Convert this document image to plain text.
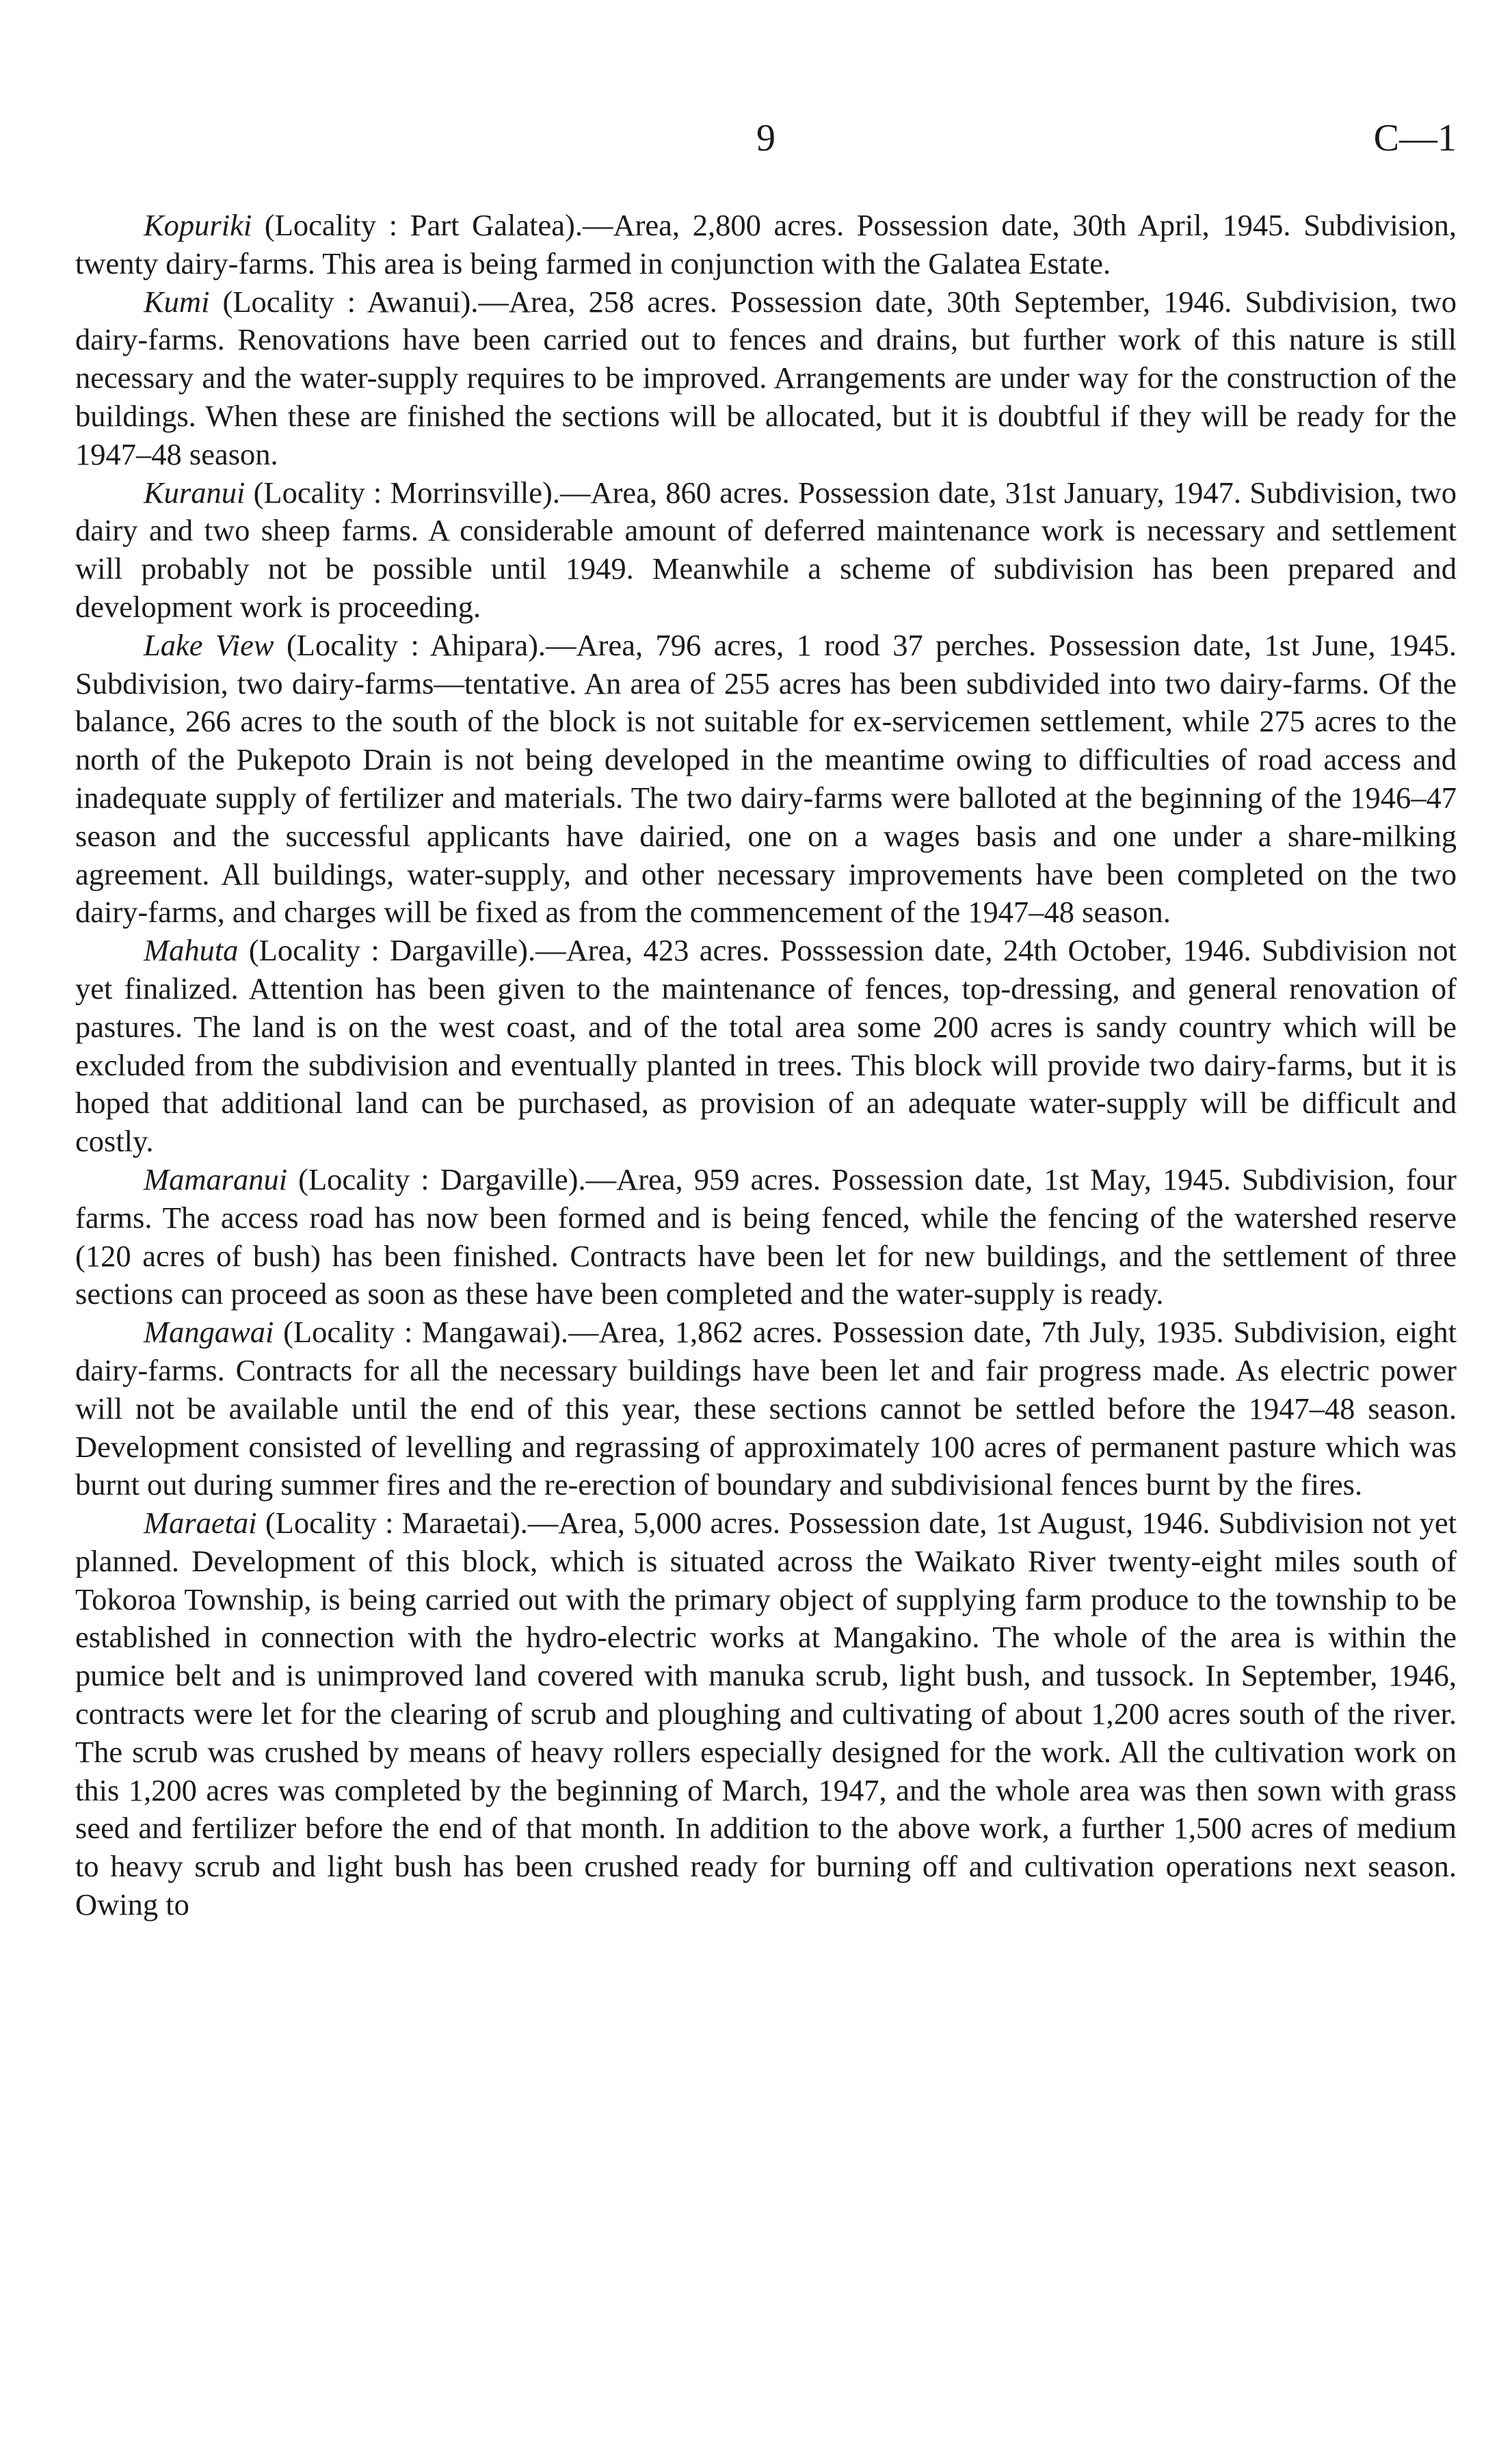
9	C—1

Kopuriki (Locality : Part Galatea).—Area, 2,800 acres. Possession date, 30th April, 1945. Subdivision, twenty dairy-farms. This area is being farmed in conjunction with the Galatea Estate.

Kumi (Locality : Awanui).—Area, 258 acres. Possession date, 30th September, 1946. Subdivision, two dairy-farms. Renovations have been carried out to fences and drains, but further work of this nature is still necessary and the water-supply requires to be improved. Arrangements are under way for the construction of the buildings. When these are finished the sections will be allocated, but it is doubtful if they will be ready for the 1947–48 season.

Kuranui (Locality : Morrinsville).—Area, 860 acres. Possession date, 31st January, 1947. Subdivision, two dairy and two sheep farms. A considerable amount of deferred maintenance work is necessary and settlement will probably not be possible until 1949. Meanwhile a scheme of subdivision has been prepared and development work is proceeding.

Lake View (Locality : Ahipara).—Area, 796 acres, 1 rood 37 perches. Possession date, 1st June, 1945. Subdivision, two dairy-farms—tentative. An area of 255 acres has been subdivided into two dairy-farms. Of the balance, 266 acres to the south of the block is not suitable for ex-servicemen settlement, while 275 acres to the north of the Pukepoto Drain is not being developed in the meantime owing to difficulties of road access and inadequate supply of fertilizer and materials. The two dairy-farms were balloted at the beginning of the 1946–47 season and the successful applicants have dairied, one on a wages basis and one under a share-milking agreement. All buildings, water-supply, and other necessary improvements have been completed on the two dairy-farms, and charges will be fixed as from the commencement of the 1947–48 season.

Mahuta (Locality : Dargaville).—Area, 423 acres. Posssession date, 24th October, 1946. Subdivision not yet finalized. Attention has been given to the maintenance of fences, top-dressing, and general renovation of pastures. The land is on the west coast, and of the total area some 200 acres is sandy country which will be excluded from the subdivision and eventually planted in trees. This block will provide two dairy-farms, but it is hoped that additional land can be purchased, as provision of an adequate water-supply will be difficult and costly.

Mamaranui (Locality : Dargaville).—Area, 959 acres. Possession date, 1st May, 1945. Subdivision, four farms. The access road has now been formed and is being fenced, while the fencing of the watershed reserve (120 acres of bush) has been finished. Contracts have been let for new buildings, and the settlement of three sections can proceed as soon as these have been completed and the water-supply is ready.

Mangawai (Locality : Mangawai).—Area, 1,862 acres. Possession date, 7th July, 1935. Subdivision, eight dairy-farms. Contracts for all the necessary buildings have been let and fair progress made. As electric power will not be available until the end of this year, these sections cannot be settled before the 1947–48 season. Development consisted of levelling and regrassing of approximately 100 acres of permanent pasture which was burnt out during summer fires and the re-erection of boundary and subdivisional fences burnt by the fires.

Maraetai (Locality : Maraetai).—Area, 5,000 acres. Possession date, 1st August, 1946. Subdivision not yet planned. Development of this block, which is situated across the Waikato River twenty-eight miles south of Tokoroa Township, is being carried out with the primary object of supplying farm produce to the township to be established in connection with the hydro-electric works at Mangakino. The whole of the area is within the pumice belt and is unimproved land covered with manuka scrub, light bush, and tussock. In September, 1946, contracts were let for the clearing of scrub and ploughing and cultivating of about 1,200 acres south of the river. The scrub was crushed by means of heavy rollers especially designed for the work. All the cultivation work on this 1,200 acres was completed by the beginning of March, 1947, and the whole area was then sown with grass seed and fertilizer before the end of that month. In addition to the above work, a further 1,500 acres of medium to heavy scrub and light bush has been crushed ready for burning off and cultivation operations next season. Owing to
